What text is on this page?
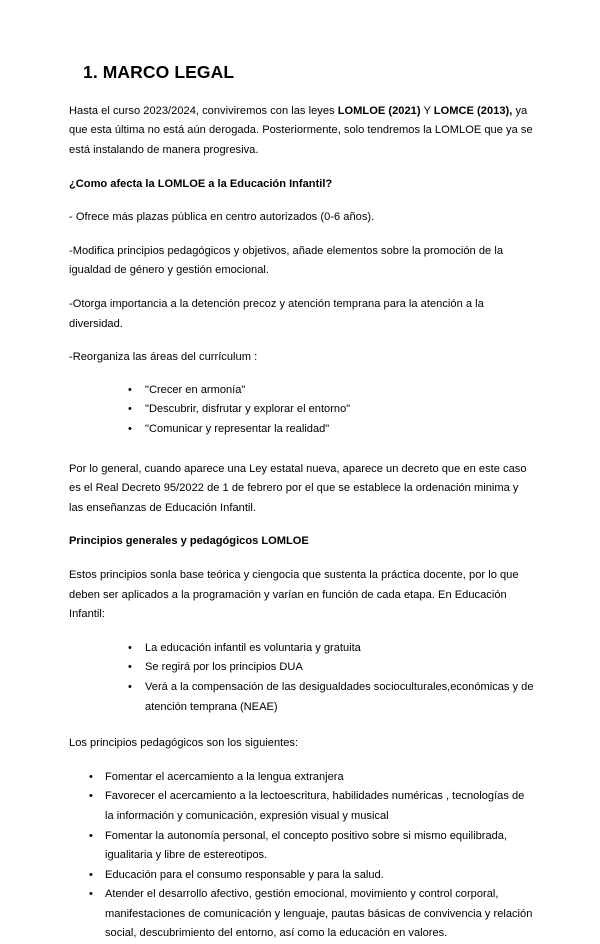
1. MARCO LEGAL

Hasta el curso 2023/2024, conviviremos con las leyes LOMLOE (2021) Y LOMCE (2013), ya que esta última no está aún derogada. Posteriormente, solo tendremos la LOMLOE que ya se está instalando de manera progresiva.

¿Como afecta la LOMLOE a la Educación Infantil?

- Ofrece más plazas pública en centro autorizados (0-6 años).

-Modifica principios pedagógicos y objetivos, añade elementos sobre la promoción de la igualdad de género y gestión emocional.

-Otorga importancia a la detención precoz y atención temprana para la atención a la diversidad.

-Reorganiza las áreas del currículum :

• "Crecer en armonía"
• "Descubrir, disfrutar y explorar el entorno"
• "Comunicar y representar la realidad"

Por lo general, cuando aparece una Ley estatal nueva, aparece un decreto que en este caso es el Real Decreto 95/2022 de 1 de febrero por el que se establece la ordenación minima y las enseñanzas de Educación Infantil.

Principios generales y pedagógicos LOMLOE

Estos principios sonla base teórica y ciengocia que sustenta la práctica docente, por lo que deben ser aplicados a la programación y varían en función de cada etapa. En Educación Infantil:

• La educación infantil es voluntaria y gratuita
• Se regirá por los principios DUA
• Verá a la compensación de las desigualdades socioculturales,económicas y de atención temprana (NEAE)

Los principios pedagógicos son los siguientes:

• Fomentar el acercamiento a la lengua extranjera
• Favorecer el acercamiento a la lectoescritura, habilidades numéricas , tecnologías de la información y comunicación, expresión visual y musical
• Fomentar la autonomía personal, el concepto positivo sobre si mismo equilibrada, igualitaria y libre de estereotipos.
• Educación para el consumo responsable y para la salud.
• Atender el desarrollo afectivo, gestión emocional, movimiento y control corporal, manifestaciones de comunicación y lenguaje, pautas básicas de convivencia y relación social, descubrimiento del entorno, así como la educación en valores.
